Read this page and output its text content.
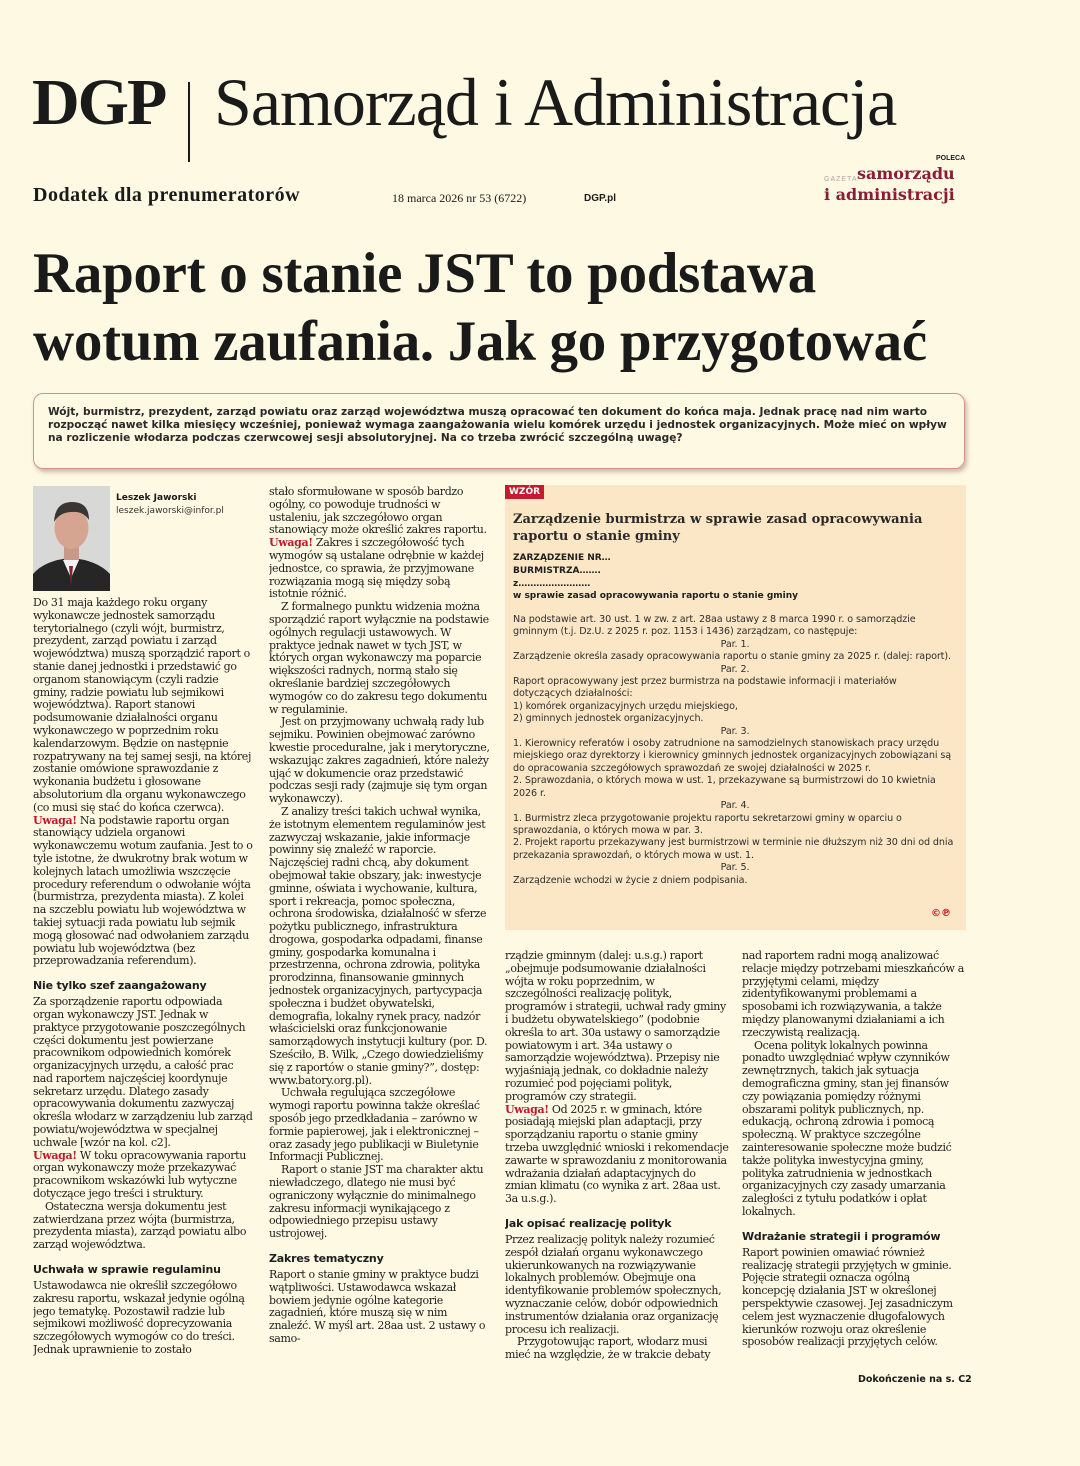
DGP Samorząd i Administracja
Dodatek dla prenumeratorów	18 marca 2026 nr 53 (6722)	DGP.pl
POLECA
GAZETA samorządu
i administracji
Raport o stanie JST to podstawa
wotum zaufania. Jak go przygotować

Wójt, burmistrz, prezydent, zarząd powiatu oraz zarząd województwa muszą opracować ten dokument do końca maja. Jednak pracę nad nim warto rozpocząć nawet kilka miesięcy wcześniej, ponieważ wymaga zaangażowania wielu komórek urzędu i jednostek organizacyjnych. Może mieć on wpływ na rozliczenie włodarza podczas czerwcowej sesji absolutoryjnej. Na co trzeba zwrócić szczególną uwagę?

Leszek Jaworski
leszek.jaworski@infor.pl

Do 31 maja każdego roku organy wykonawcze jednostek samorządu terytorialnego (czyli wójt, burmistrz, prezydent, zarząd powiatu i zarząd województwa) muszą sporządzić raport o stanie danej jednostki i przedstawić go organom stanowiącym (czyli radzie gminy, radzie powiatu lub sejmikowi województwa). Raport stanowi podsumowanie działalności organu wykonawczego w poprzednim roku kalendarzowym. Będzie on następnie rozpatrywany na tej samej sesji, na której zostanie omówione sprawozdanie z wykonania budżetu i głosowane absolutorium dla organu wykonawczego (co musi się stać do końca czerwca).

Uwaga! Na podstawie raportu organ stanowiący udziela organowi wykonawczemu wotum zaufania. Jest to o tyle istotne, że dwukrotny brak wotum w kolejnych latach umożliwia wszczęcie procedury referendum o odwołanie wójta (burmistrza, prezydenta miasta). Z kolei na szczeblu powiatu lub województwa w takiej sytuacji rada powiatu lub sejmik mogą głosować nad odwołaniem zarządu powiatu lub województwa (bez przeprowadzania referendum).

Nie tylko szef zaangażowany

Za sporządzenie raportu odpowiada organ wykonawczy JST. Jednak w praktyce przygotowanie poszczególnych części dokumentu jest powierzane pracownikom odpowiednich komórek organizacyjnych urzędu, a całość prac nad raportem najczęściej koordynuje sekretarz urzędu. Dlatego zasady opracowywania dokumentu zazwyczaj określa włodarz w zarządzeniu lub zarząd powiatu/województwa w specjalnej uchwale [wzór na kol. c2].

Uwaga! W toku opracowywania raportu organ wykonawczy może przekazywać pracownikom wskazówki lub wytyczne dotyczące jego treści i struktury.

Ostateczna wersja dokumentu jest zatwierdzana przez wójta (burmistrza, prezydenta miasta), zarząd powiatu albo zarząd województwa.

Uchwała w sprawie regulaminu

Ustawodawca nie określił szczegółowo zakresu raportu, wskazał jedynie ogólną jego tematykę. Pozostawił radzie lub sejmikowi możliwość doprecyzowania szczegółowych wymogów co do treści. Jednak uprawnienie to zostało

stało sformułowane w sposób bardzo ogólny, co powoduje trudności w ustaleniu, jak szczegółowo organ stanowiący może określić zakres raportu.

Uwaga! Zakres i szczegółowość tych wymogów są ustalane odrębnie w każdej jednostce, co sprawia, że przyjmowane rozwiązania mogą się między sobą istotnie różnić.

Z formalnego punktu widzenia można sporządzić raport wyłącznie na podstawie ogólnych regulacji ustawowych. W praktyce jednak nawet w tych JST, w których organ wykonawczy ma poparcie większości radnych, normą stało się określanie bardziej szczegółowych wymogów co do zakresu tego dokumentu w regulaminie.

Jest on przyjmowany uchwałą rady lub sejmiku. Powinien obejmować zarówno kwestie proceduralne, jak i merytoryczne, wskazując zakres zagadnień, które należy ująć w dokumencie oraz przedstawić podczas sesji rady (zajmuje się tym organ wykonawczy).

Z analizy treści takich uchwał wynika, że istotnym elementem regulaminów jest zazwyczaj wskazanie, jakie informacje powinny się znaleźć w raporcie. Najczęściej radni chcą, aby dokument obejmował takie obszary, jak: inwestycje gminne, oświata i wychowanie, kultura, sport i rekreacja, pomoc społeczna, ochrona środowiska, działalność w sferze pożytku publicznego, infrastruktura drogowa, gospodarka odpadami, finanse gminy, gospodarka komunalna i przestrzenna, ochrona zdrowia, polityka prorodzinna, finansowanie gminnych jednostek organizacyjnych, partycypacja społeczna i budżet obywatelski, demografia, lokalny rynek pracy, nadzór właścicielski oraz funkcjonowanie samorządowych instytucji kultury (por. D. Sześciło, B. Wilk, „Czego dowiedzieliśmy się z raportów o stanie gminy?”, dostęp: www.batory.org.pl).

Uchwała regulująca szczegółowe wymogi raportu powinna także określać sposób jego przedkładania – zarówno w formie papierowej, jak i elektronicznej – oraz zasady jego publikacji w Biuletynie Informacji Publicznej.

Raport o stanie JST ma charakter aktu niewładczego, dlatego nie musi być ograniczony wyłącznie do minimalnego zakresu informacji wynikającego z odpowiedniego przepisu ustawy ustrojowej.

Zakres tematyczny

Raport o stanie gminy w praktyce budzi wątpliwości. Ustawodawca wskazał bowiem jedynie ogólne kategorie zagadnień, które muszą się w nim znaleźć. W myśl art. 28aa ust. 2 ustawy o samo-

WZÓR
Zarządzenie burmistrza w sprawie zasad opracowywania raportu o stanie gminy
ZARZĄDZENIE NR…
BURMISTRZA…….
z……………………
w sprawie zasad opracowywania raportu o stanie gminy

Na podstawie art. 30 ust. 1 w zw. z art. 28aa ustawy z 8 marca 1990 r. o samorządzie gminnym (t.j. Dz.U. z 2025 r. poz. 1153 i 1436) zarządzam, co następuje:

Par. 1.

Zarządzenie określa zasady opracowywania raportu o stanie gminy za 2025 r. (dalej: raport).

Par. 2.

Raport opracowywany jest przez burmistrza na podstawie informacji i materiałów dotyczących działalności:

1) komórek organizacyjnych urzędu miejskiego,

2) gminnych jednostek organizacyjnych.

Par. 3.

1. Kierownicy referatów i osoby zatrudnione na samodzielnych stanowiskach pracy urzędu miejskiego oraz dyrektorzy i kierownicy gminnych jednostek organizacyjnych zobowiązani są do opracowania szczegółowych sprawozdań ze swojej działalności w 2025 r.

2. Sprawozdania, o których mowa w ust. 1, przekazywane są burmistrzowi do 10 kwietnia 2026 r.

Par. 4.

1. Burmistrz zleca przygotowanie projektu raportu sekretarzowi gminy w oparciu o sprawozdania, o których mowa w par. 3.

2. Projekt raportu przekazywany jest burmistrzowi w terminie nie dłuższym niż 30 dni od dnia przekazania sprawozdań, o których mowa w ust. 1.

Par. 5.

Zarządzenie wchodzi w życie z dniem podpisania.

©℗

rządzie gminnym (dalej: u.s.g.) raport „obejmuje podsumowanie działalności wójta w roku poprzednim, w szczególności realizację polityk, programów i strategii, uchwał rady gminy i budżetu obywatelskiego” (podobnie określa to art. 30a ustawy o samorządzie powiatowym i art. 34a ustawy o samorządzie województwa). Przepisy nie wyjaśniają jednak, co dokładnie należy rozumieć pod pojęciami polityk, programów czy strategii.

Uwaga! Od 2025 r. w gminach, które posiadają miejski plan adaptacji, przy sporządzaniu raportu o stanie gminy trzeba uwzględnić wnioski i rekomendacje zawarte w sprawozdaniu z monitorowania wdrażania działań adaptacyjnych do zmian klimatu (co wynika z art. 28aa ust. 3a u.s.g.).

Jak opisać realizację polityk

Przez realizację polityk należy rozumieć zespół działań organu wykonawczego ukierunkowanych na rozwiązywanie lokalnych problemów. Obejmuje ona identyfikowanie problemów społecznych, wyznaczanie celów, dobór odpowiednich instrumentów działania oraz organizację procesu ich realizacji.

Przygotowując raport, włodarz musi mieć na względzie, że w trakcie debaty

nad raportem radni mogą analizować relacje między potrzebami mieszkańców a przyjętymi celami, między zidentyfikowanymi problemami a sposobami ich rozwiązywania, a także między planowanymi działaniami a ich rzeczywistą realizacją.

Ocena polityk lokalnych powinna ponadto uwzględniać wpływ czynników zewnętrznych, takich jak sytuacja demograficzna gminy, stan jej finansów czy powiązania pomiędzy różnymi obszarami polityk publicznych, np. edukacją, ochroną zdrowia i pomocą społeczną. W praktyce szczególne zainteresowanie społeczne może budzić także polityka inwestycyjna gminy, polityka zatrudnienia w jednostkach organizacyjnych czy zasady umarzania zaległości z tytułu podatków i opłat lokalnych.

Wdrażanie strategii i programów

Raport powinien omawiać również realizację strategii przyjętych w gminie. Pojęcie strategii oznacza ogólną koncepcję działania JST w określonej perspektywie czasowej. Jej zasadniczym celem jest wyznaczenie długofalowych kierunków rozwoju oraz określenie sposobów realizacji przyjętych celów.

Dokończenie na s. C2
